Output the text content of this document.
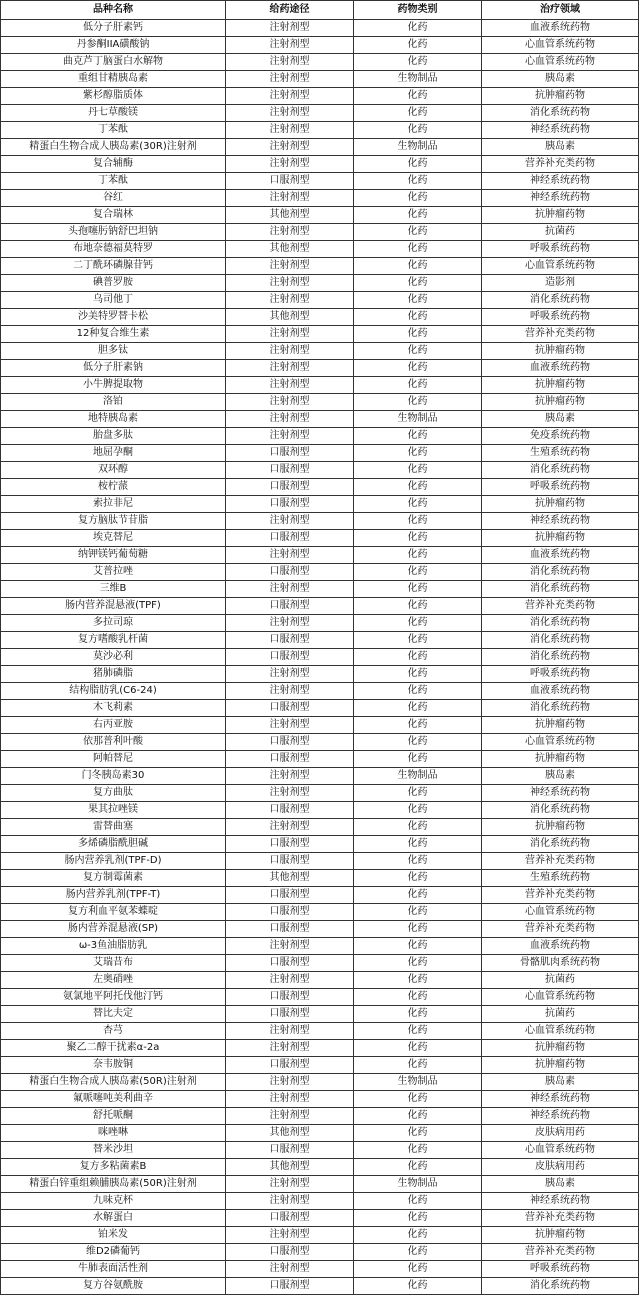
品种名称	给药途径	药物类别	治疗领域
低分子肝素钙	注射剂型	化药	血液系统药物
丹参酮IIA磺酸钠	注射剂型	化药	心血管系统药物
曲克芦丁脑蛋白水解物	注射剂型	化药	心血管系统药物
重组甘精胰岛素	注射剂型	生物制品	胰岛素
紫杉醇脂质体	注射剂型	化药	抗肿瘤药物
丹七草酸镁	注射剂型	化药	消化系统药物
丁苯酞	注射剂型	化药	神经系统药物
精蛋白生物合成人胰岛素(30R)注射剂	注射剂型	生物制品	胰岛素
复合辅酶	注射剂型	化药	营养补充类药物
丁苯酞	口服剂型	化药	神经系统药物
谷红	注射剂型	化药	神经系统药物
复合瑞林	其他剂型	化药	抗肿瘤药物
头孢噻肟钠舒巴坦钠	注射剂型	化药	抗菌药
布地奈德福莫特罗	其他剂型	化药	呼吸系统药物
二丁酰环磷腺苷钙	注射剂型	化药	心血管系统药物
碘普罗胺	注射剂型	化药	造影剂
乌司他丁	注射剂型	化药	消化系统药物
沙美特罗替卡松	其他剂型	化药	呼吸系统药物
12种复合维生素	注射剂型	化药	营养补充类药物
胆多钛	注射剂型	化药	抗肿瘤药物
低分子肝素钠	注射剂型	化药	血液系统药物
小牛脾提取物	注射剂型	化药	抗肿瘤药物
洛铂	注射剂型	化药	抗肿瘤药物
地特胰岛素	注射剂型	生物制品	胰岛素
胎盘多肽	注射剂型	化药	免疫系统药物
地屈孕酮	口服剂型	化药	生殖系统药物
双环醇	口服剂型	化药	消化系统药物
桉柠蒎	口服剂型	化药	呼吸系统药物
索拉非尼	口服剂型	化药	抗肿瘤药物
复方脑肽节苷脂	注射剂型	化药	神经系统药物
埃克替尼	口服剂型	化药	抗肿瘤药物
纳钾镁钙葡萄糖	注射剂型	化药	血液系统药物
艾普拉唑	口服剂型	化药	消化系统药物
三维B	注射剂型	化药	消化系统药物
肠内营养混悬液(TPF)	口服剂型	化药	营养补充类药物
多拉司琼	注射剂型	化药	消化系统药物
复方嗜酸乳杆菌	口服剂型	化药	消化系统药物
莫沙必利	口服剂型	化药	消化系统药物
猪肺磷脂	注射剂型	化药	呼吸系统药物
结构脂肪乳(C6-24)	注射剂型	化药	血液系统药物
木飞莉素	口服剂型	化药	消化系统药物
右丙亚胺	注射剂型	化药	抗肿瘤药物
依那普利叶酸	口服剂型	化药	心血管系统药物
阿帕替尼	口服剂型	化药	抗肿瘤药物
门冬胰岛素30	注射剂型	生物制品	胰岛素
复方曲肽	注射剂型	化药	神经系统药物
果其拉唑镁	口服剂型	化药	消化系统药物
雷替曲塞	注射剂型	化药	抗肿瘤药物
多烯磷脂酰胆碱	口服剂型	化药	消化系统药物
肠内营养乳剂(TPF-D)	口服剂型	化药	营养补充类药物
复方制霉菌素	其他剂型	化药	生殖系统药物
肠内营养乳剂(TPF-T)	口服剂型	化药	营养补充类药物
复方利血平氨苯蝶啶	口服剂型	化药	心血管系统药物
肠内营养混悬液(SP)	口服剂型	化药	营养补充类药物
ω-3鱼油脂肪乳	注射剂型	化药	血液系统药物
艾瑞昔布	口服剂型	化药	骨骼肌肉系统药物
左奥硝唑	注射剂型	化药	抗菌药
氨氯地平阿托伐他汀钙	口服剂型	化药	心血管系统药物
替比夫定	口服剂型	化药	抗菌药
杏芎	注射剂型	化药	心血管系统药物
聚乙二醇干扰素α-2a	注射剂型	化药	抗肿瘤药物
奈韦胺铜	口服剂型	化药	抗肿瘤药物
精蛋白生物合成人胰岛素(50R)注射剂	注射剂型	生物制品	胰岛素
氟哌噻吨美利曲辛	注射剂型	化药	神经系统药物
舒托哌酮	注射剂型	化药	神经系统药物
咪唑啉	其他剂型	化药	皮肤病用药
替米沙坦	口服剂型	化药	心血管系统药物
复方多粘菌素B	其他剂型	化药	皮肤病用药
精蛋白锌重组赖脯胰岛素(50R)注射剂	注射剂型	生物制品	胰岛素
九味克杯	注射剂型	化药	神经系统药物
水解蛋白	口服剂型	化药	营养补充类药物
铂米发	注射剂型	化药	抗肿瘤药物
维D2磷葡钙	口服剂型	化药	营养补充类药物
牛肺表面活性剂	注射剂型	化药	呼吸系统药物
复方谷氨酰胺	口服剂型	化药	消化系统药物
